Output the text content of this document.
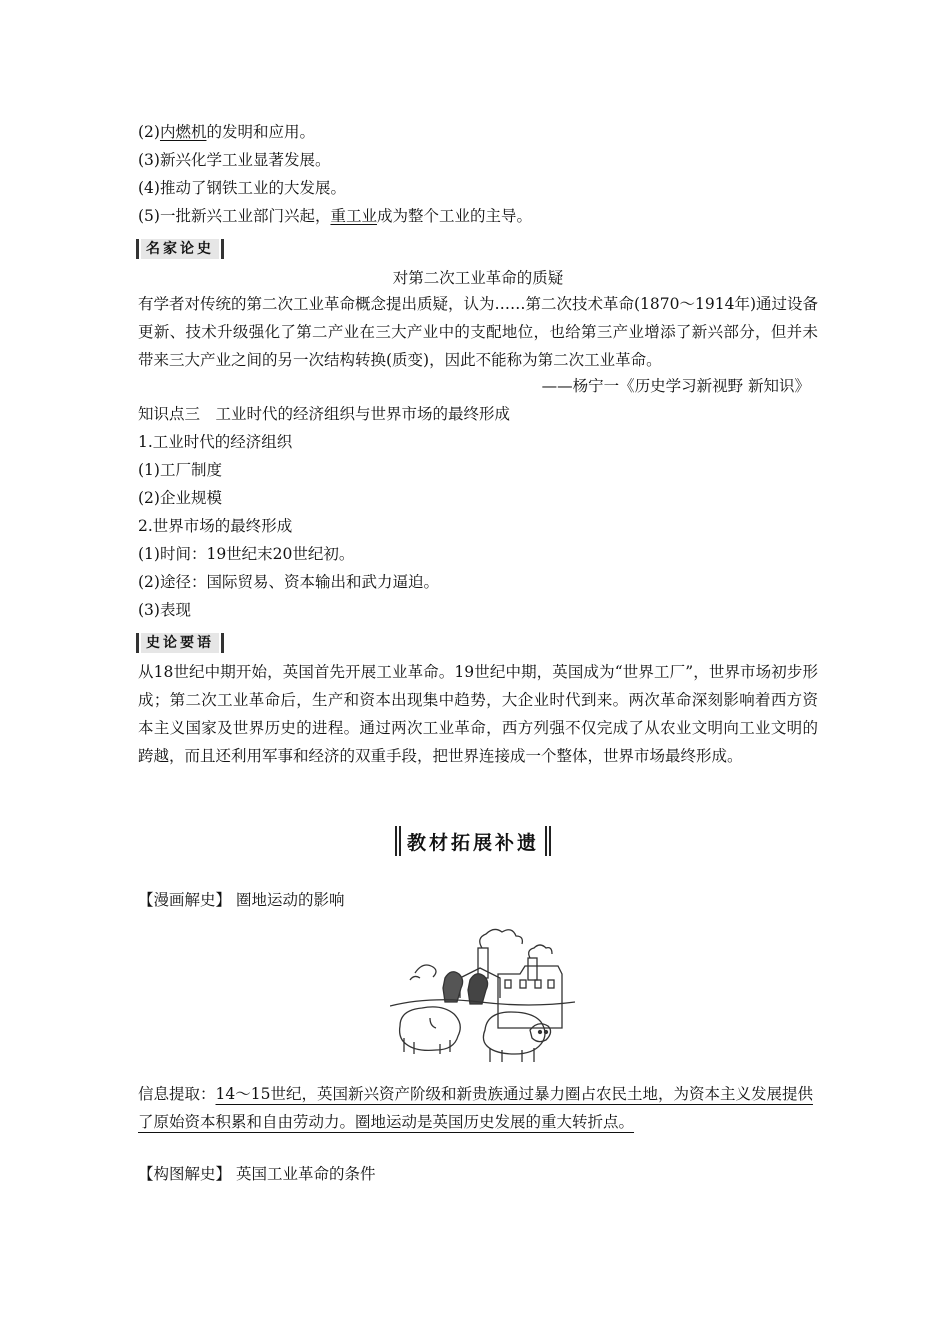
(2)内燃机的发明和应用。
(3)新兴化学工业显著发展。
(4)推动了钢铁工业的大发展。
(5)一批新兴工业部门兴起，重工业成为整个工业的主导。
名家论史
对第二次工业革命的质疑
有学者对传统的第二次工业革命概念提出质疑，认为……第二次技术革命(1870～1914年)通过设备更新、技术升级强化了第二产业在三大产业中的支配地位，也给第三产业增添了新兴部分，但并未带来三大产业之间的另一次结构转换(质变)，因此不能称为第二次工业革命。
——杨宁一《历史学习新视野 新知识》
知识点三　工业时代的经济组织与世界市场的最终形成
1.工业时代的经济组织
(1)工厂制度
(2)企业规模
2.世界市场的最终形成
(1)时间：19世纪末20世纪初。
(2)途径：国际贸易、资本输出和武力逼迫。
(3)表现
史论要语
从18世纪中期开始，英国首先开展工业革命。19世纪中期，英国成为“世界工厂”，世界市场初步形成；第二次工业革命后，生产和资本出现集中趋势，大企业时代到来。两次革命深刻影响着西方资本主义国家及世界历史的进程。通过两次工业革命，西方列强不仅完成了从农业文明向工业文明的跨越，而且还利用军事和经济的双重手段，把世界连接成一个整体，世界市场最终形成。
教材拓展补遗
【漫画解史】 圈地运动的影响
信息提取：14～15世纪，英国新兴资产阶级和新贵族通过暴力圈占农民土地，为资本主义发展提供了原始资本积累和自由劳动力。圈地运动是英国历史发展的重大转折点。
【构图解史】 英国工业革命的条件
